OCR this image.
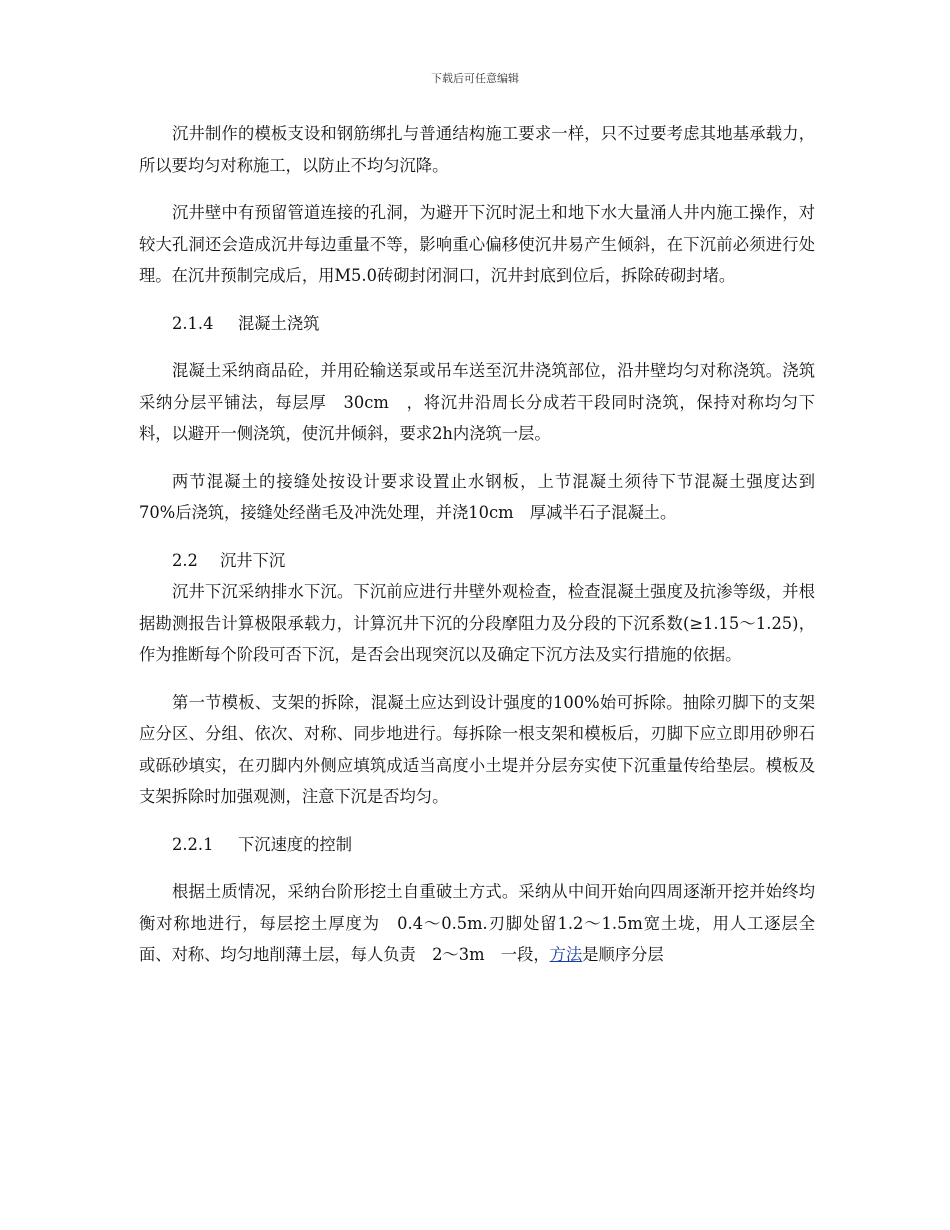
下载后可任意编辑

沉井制作的模板支设和钢筋绑扎与普通结构施工要求一样，只不过要考虑其地基承载力，所以要均匀对称施工，以防止不均匀沉降。

沉井壁中有预留管道连接的孔洞，为避开下沉时泥土和地下水大量涌人井内施工操作，对较大孔洞还会造成沉井每边重量不等，影响重心偏移使沉井易产生倾斜，在下沉前必须进行处理。在沉井预制完成后，用M5.0砖砌封闭洞口，沉井封底到位后，拆除砖砌封堵。

2.1.4 混凝土浇筑

混凝土采纳商品砼，并用砼输送泵或吊车送至沉井浇筑部位，沿井壁均匀对称浇筑。浇筑采纳分层平铺法，每层厚　30cm　，将沉井沿周长分成若干段同时浇筑，保持对称均匀下料，以避开一侧浇筑，使沉井倾斜，要求2h内浇筑一层。

两节混凝土的接缝处按设计要求设置止水钢板，上节混凝土须待下节混凝土强度达到　70%后浇筑，接缝处经凿毛及冲洗处理，并浇10cm　厚减半石子混凝土。

2.2 沉井下沉

沉井下沉采纳排水下沉。下沉前应进行井壁外观检查，检查混凝土强度及抗渗等级，并根据勘测报告计算极限承载力，计算沉井下沉的分段摩阻力及分段的下沉系数(≥1.15～1.25)，作为推断每个阶段可否下沉，是否会出现突沉以及确定下沉方法及实行措施的依据。

第一节模板、支架的拆除，混凝土应达到设计强度的100%始可拆除。抽除刃脚下的支架应分区、分组、依次、对称、同步地进行。每拆除一根支架和模板后，刃脚下应立即用砂卵石或砾砂填实，在刃脚内外侧应填筑成适当高度小土堤并分层夯实使下沉重量传给垫层。模板及支架拆除时加强观测，注意下沉是否均匀。

2.2.1 下沉速度的控制

根据土质情况，采纳台阶形挖土自重破土方式。采纳从中间开始向四周逐渐开挖并始终均衡对称地进行，每层挖土厚度为　0.4～0.5m.刃脚处留1.2～1.5m宽土垅，用人工逐层全面、对称、均匀地削薄土层，每人负责　2～3m　一段，方法是顺序分层
